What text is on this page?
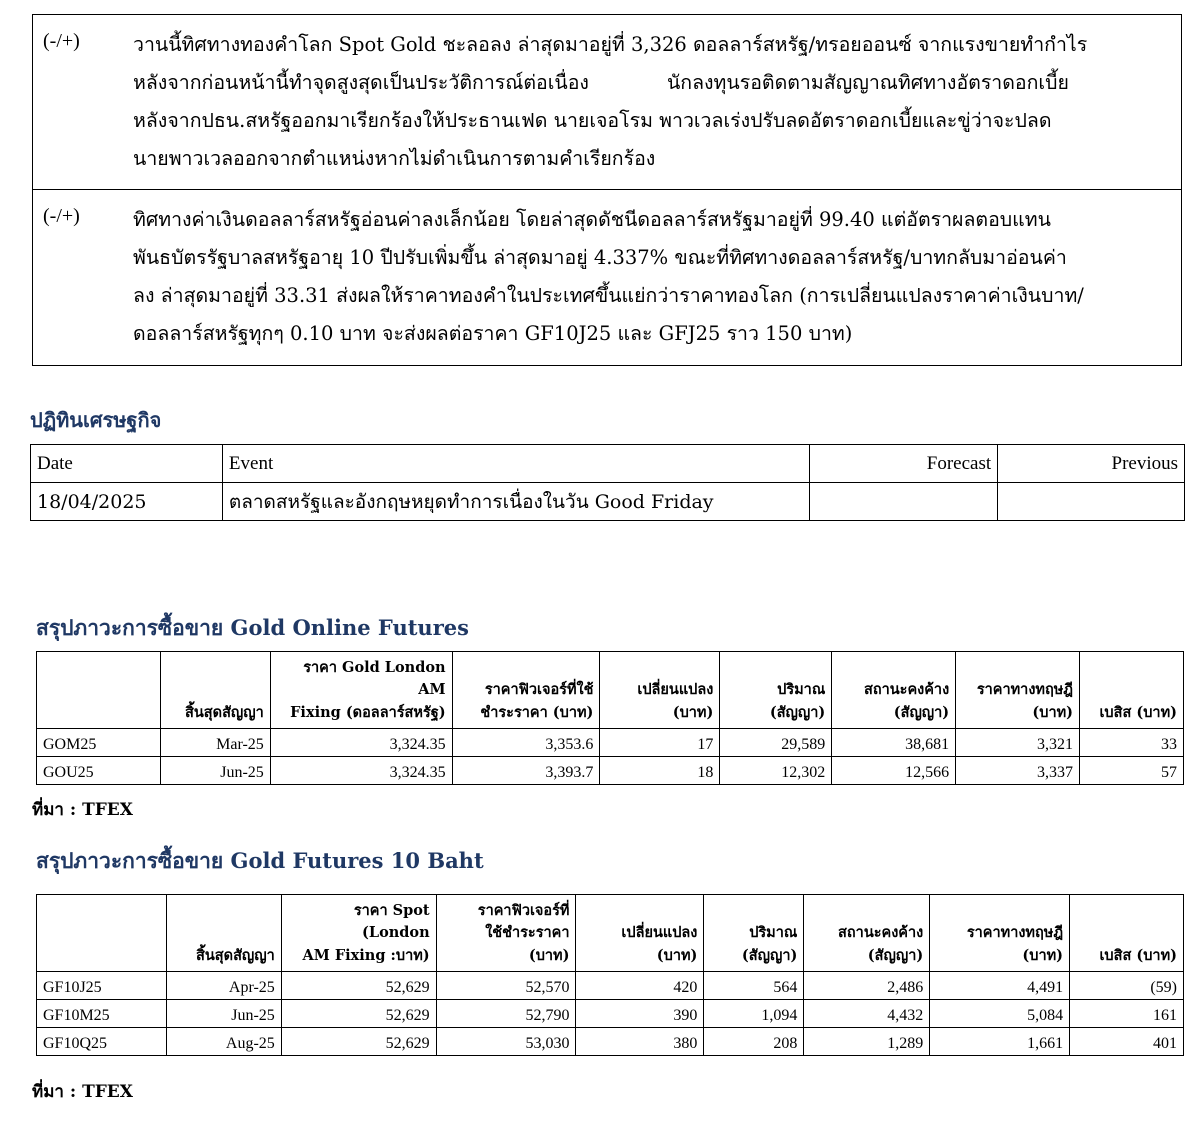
(-/+)	วานนี้ทิศทางทองคำโลก Spot Gold ชะลอลง ล่าสุดมาอยู่ที่ 3,326 ดอลลาร์สหรัฐ/ทรอยออนซ์ จากแรงขายทำกำไร

หลังจากก่อนหน้านี้ทำจุดสูงสุดเป็นประวัติการณ์ต่อเนื่อง	นักลงทุนรอติดตามสัญญาณทิศทางอัตราดอกเบี้ย

หลังจากปธน.สหรัฐออกมาเรียกร้องให้ประธานเฟด นายเจอโรม พาวเวลเร่งปรับลดอัตราดอกเบี้ยและขู่ว่าจะปลด

นายพาวเวลออกจากตำแหน่งหากไม่ดำเนินการตามคำเรียกร้อง

(-/+)	ทิศทางค่าเงินดอลลาร์สหรัฐอ่อนค่าลงเล็กน้อย โดยล่าสุดดัชนีดอลลาร์สหรัฐมาอยู่ที่ 99.40 แต่อัตราผลตอบแทน

พันธบัตรรัฐบาลสหรัฐอายุ 10 ปีปรับเพิ่มขึ้น ล่าสุดมาอยู่ 4.337% ขณะที่ทิศทางดอลลาร์สหรัฐ/บาทกลับมาอ่อนค่า

ลง ล่าสุดมาอยู่ที่ 33.31 ส่งผลให้ราคาทองคำในประเทศขึ้นแย่กว่าราคาทองโลก (การเปลี่ยนแปลงราคาค่าเงินบาท/

ดอลลาร์สหรัฐทุกๆ 0.10 บาท จะส่งผลต่อราคา GF10J25 และ GFJ25 ราว 150 บาท)

ปฏิทินเศรษฐกิจ
Date	Event	Forecast	Previous
18/04/2025	ตลาดสหรัฐและอังกฤษหยุดทำการเนื่องในวัน Good Friday		
สรุปภาวะการซื้อขาย Gold Online Futures

	สิ้นสุดสัญญา	ราคา Gold London AM
Fixing (ดอลลาร์สหรัฐ)	ราคาฟิวเจอร์ที่ใช้
ชำระราคา (บาท)	เปลี่ยนแปลง
(บาท)	ปริมาณ
(สัญญา)	สถานะคงค้าง
(สัญญา)	ราคาทางทฤษฎี
(บาท)	เบสิส (บาท)

GOM25	Mar-25	3,324.35	3,353.6	17	29,589	38,681	3,321	33
GOU25	Jun-25	3,324.35	3,393.7	18	12,302	12,566	3,337	57
ที่มา : TFEX
สรุปภาวะการซื้อขาย Gold Futures 10 Baht

	สิ้นสุดสัญญา	ราคา Spot (London
AM Fixing :บาท)	ราคาฟิวเจอร์ที่
ใช้ชำระราคา
(บาท)	เปลี่ยนแปลง
(บาท)	ปริมาณ
(สัญญา)	สถานะคงค้าง
(สัญญา)	ราคาทางทฤษฎี
(บาท)	เบสิส (บาท)

GF10J25	Apr-25	52,629	52,570	420	564	2,486	4,491	(59)
GF10M25	Jun-25	52,629	52,790	390	1,094	4,432	5,084	161
GF10Q25	Aug-25	52,629	53,030	380	208	1,289	1,661	401
ที่มา : TFEX
